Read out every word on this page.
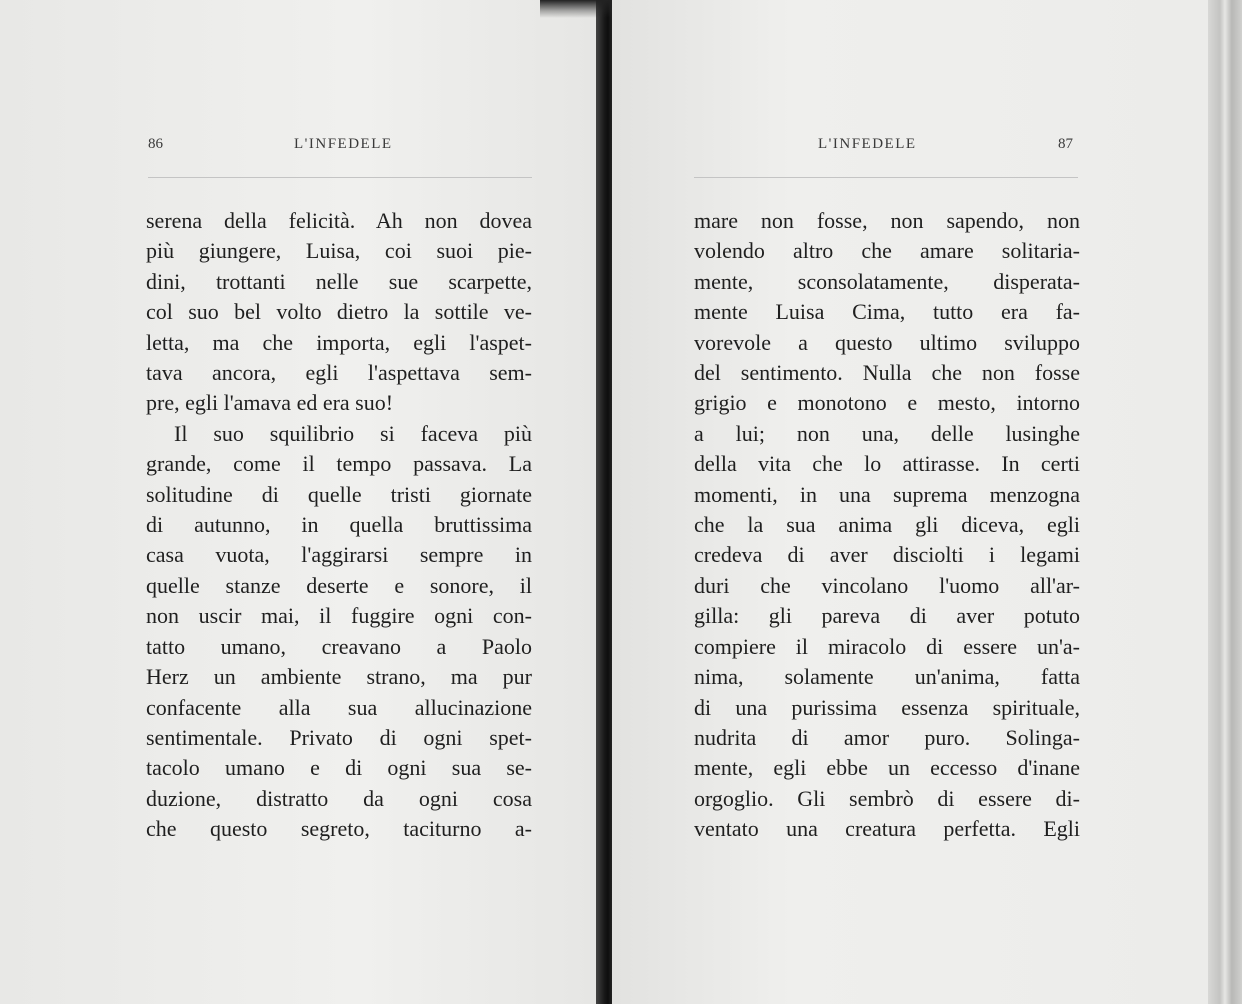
86	L'INFEDELE
serena della felicità. Ah non dovea
più giungere, Luisa, coi suoi pie-
dini, trottanti nelle sue scarpette,
col suo bel volto dietro la sottile ve-
letta, ma che importa, egli l'aspet-
tava ancora, egli l'aspettava sem-
pre, egli l'amava ed era suo!
Il suo squilibrio si faceva più
grande, come il tempo passava. La
solitudine di quelle tristi giornate
di autunno, in quella bruttissima
casa vuota, l'aggirarsi sempre in
quelle stanze deserte e sonore, il
non uscir mai, il fuggire ogni con-
tatto umano, creavano a Paolo
Herz un ambiente strano, ma pur
confacente alla sua allucinazione
sentimentale. Privato di ogni spet-
tacolo umano e di ogni sua se-
duzione, distratto da ogni cosa
che questo segreto, taciturno a-
L'INFEDELE	87
mare non fosse, non sapendo, non
volendo altro che amare solitaria-
mente, sconsolatamente, disperata-
mente Luisa Cima, tutto era fa-
vorevole a questo ultimo sviluppo
del sentimento. Nulla che non fosse
grigio e monotono e mesto, intorno
a lui; non una, delle lusinghe
della vita che lo attirasse. In certi
momenti, in una suprema menzogna
che la sua anima gli diceva, egli
credeva di aver disciolti i legami
duri che vincolano l'uomo all'ar-
gilla: gli pareva di aver potuto
compiere il miracolo di essere un'a-
nima, solamente un'anima, fatta
di una purissima essenza spirituale,
nudrita di amor puro. Solinga-
mente, egli ebbe un eccesso d'inane
orgoglio. Gli sembrò di essere di-
ventato una creatura perfetta. Egli
